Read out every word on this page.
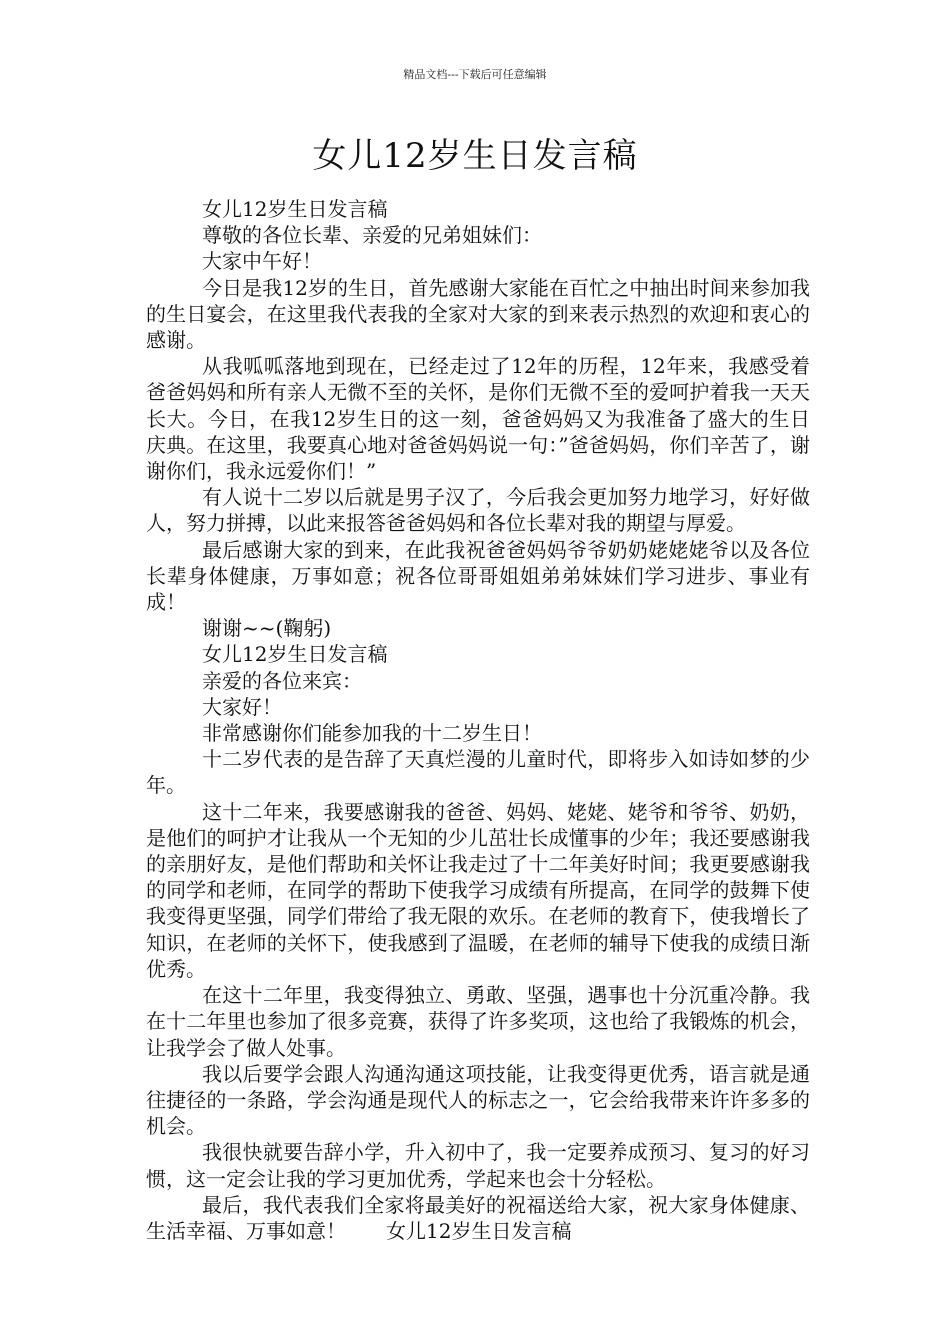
精品文档---下载后可任意编辑
女儿12岁生日发言稿

女儿12岁生日发言稿

尊敬的各位长辈、亲爱的兄弟姐妹们：

大家中午好！

今日是我12岁的生日，首先感谢大家能在百忙之中抽出时间来参加我的生日宴会，在这里我代表我的全家对大家的到来表示热烈的欢迎和衷心的感谢。

从我呱呱落地到现在，已经走过了12年的历程，12年来，我感受着爸爸妈妈和所有亲人无微不至的关怀，是你们无微不至的爱呵护着我一天天长大。今日，在我12岁生日的这一刻，爸爸妈妈又为我准备了盛大的生日庆典。在这里，我要真心地对爸爸妈妈说一句：”爸爸妈妈，你们辛苦了，谢谢你们，我永远爱你们！”

有人说十二岁以后就是男子汉了，今后我会更加努力地学习，好好做人，努力拼搏，以此来报答爸爸妈妈和各位长辈对我的期望与厚爱。

最后感谢大家的到来，在此我祝爸爸妈妈爷爷奶奶姥姥姥爷以及各位长辈身体健康，万事如意；祝各位哥哥姐姐弟弟妹妹们学习进步、事业有成！

谢谢~~(鞠躬)

女儿12岁生日发言稿

亲爱的各位来宾：

大家好！

非常感谢你们能参加我的十二岁生日！

十二岁代表的是告辞了天真烂漫的儿童时代，即将步入如诗如梦的少年。

这十二年来，我要感谢我的爸爸、妈妈、姥姥、姥爷和爷爷、奶奶，是他们的呵护才让我从一个无知的少儿茁壮长成懂事的少年；我还要感谢我的亲朋好友，是他们帮助和关怀让我走过了十二年美好时间；我更要感谢我的同学和老师，在同学的帮助下使我学习成绩有所提高，在同学的鼓舞下使我变得更坚强，同学们带给了我无限的欢乐。在老师的教育下，使我增长了知识，在老师的关怀下，使我感到了温暖，在老师的辅导下使我的成绩日渐优秀。

在这十二年里，我变得独立、勇敢、坚强，遇事也十分沉重冷静。我在十二年里也参加了很多竞赛，获得了许多奖项，这也给了我锻炼的机会，让我学会了做人处事。

我以后要学会跟人沟通沟通这项技能，让我变得更优秀，语言就是通往捷径的一条路，学会沟通是现代人的标志之一，它会给我带来许许多多的机会。

我很快就要告辞小学，升入初中了，我一定要养成预习、复习的好习惯，这一定会让我的学习更加优秀，学起来也会十分轻松。

最后，我代表我们全家将最美好的祝福送给大家，祝大家身体健康、生活幸福、万事如意！　　女儿12岁生日发言稿
